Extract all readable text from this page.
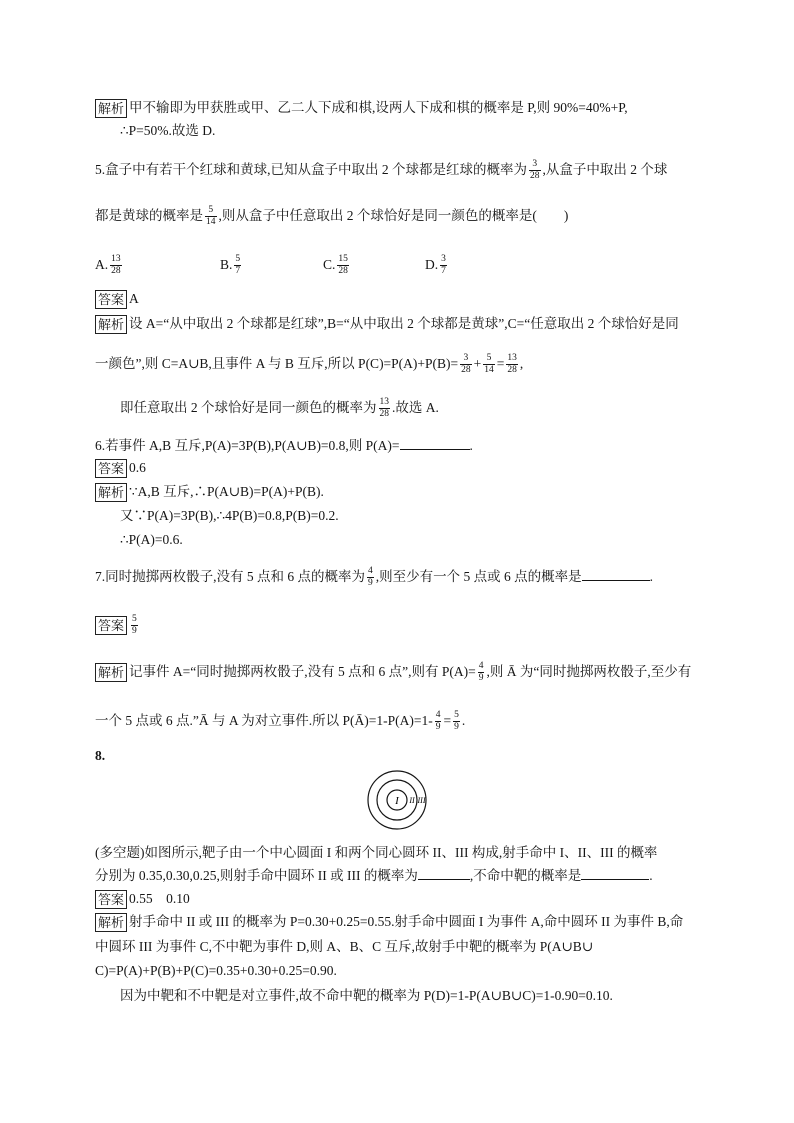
解析 甲不输即为甲获胜或甲、乙二人下成和棋,设两人下成和棋的概率是 P,则 90%=40%+P,
∴P=50%.故选 D.
5.盒子中有若干个红球和黄球,已知从盒子中取出 2 个球都是红球的概率为 $\frac{3}{28}$ ,从盒子中取出 2 个球
都是黄球的概率是 $\frac{5}{14}$ ,则从盒子中任意取出 2 个球恰好是同一颜色的概率是(　　)
A. $\frac{13}{28}$	B. $\frac{5}{7}$	C. $\frac{15}{28}$	D. $\frac{3}{7}$
答案 A
解析 设 A=“从中取出 2 个球都是红球”,B=“从中取出 2 个球都是黄球”,C=“任意取出 2 个球恰好是同
一颜色”,则 C=A∪B,且事件 A 与 B 互斥,所以 $P(C)=P(A)+P(B)= \frac{3}{28} + \frac{5}{14} = \frac{13}{28}$ ,
即任意取出 2 个球恰好是同一颜色的概率为 $\frac{13}{28}$ .故选 A.
6.若事件 A,B 互斥,P(A)=3P(B),P(A∪B)=0.8,则 P(A)=	.
答案 0.6
解析 ∵A,B 互斥,∴P(A∪B)=P(A)+P(B).
又∵P(A)=3P(B),∴4P(B)=0.8,P(B)=0.2.
∴P(A)=0.6.
7.同时抛掷两枚骰子,没有 5 点和 6 点的概率为 $\frac{4}{9}$ ,则至少有一个 5 点或 6 点的概率是	.
答案 $\frac{5}{9}$
解析 记事件 A=“同时抛掷两枚骰子,没有 5 点和 6 点”,则有 $P(A)= \frac{4}{9}$ ,则 Ā 为“同时抛掷两枚骰子,至少有
一个 5 点或 6 点.”Ā 与 A 为对立事件.所以 P(Ā)=1-P(A)=1- $\frac{4}{9} = \frac{5}{9}$ .
8.
I II III
(多空题)如图所示,靶子由一个中心圆面 I 和两个同心圆环 II、III 构成,射手命中 I、II、III 的概率
分别为 0.35,0.30,0.25,则射手命中圆环 II 或 III 的概率为	,不命中靶的概率是	.
答案 0.55　0.10
解析 射手命中 II 或 III 的概率为 P=0.30+0.25=0.55.射手命中圆面 I 为事件 A,命中圆环 II 为事件 B,命
中圆环 III 为事件 C,不中靶为事件 D,则 A、B、C 互斥,故射手中靶的概率为 P(A∪B∪
C)=P(A)+P(B)+P(C)=0.35+0.30+0.25=0.90.
因为中靶和不中靶是对立事件,故不命中靶的概率为 P(D)=1-P(A∪B∪C)=1-0.90=0.10.
